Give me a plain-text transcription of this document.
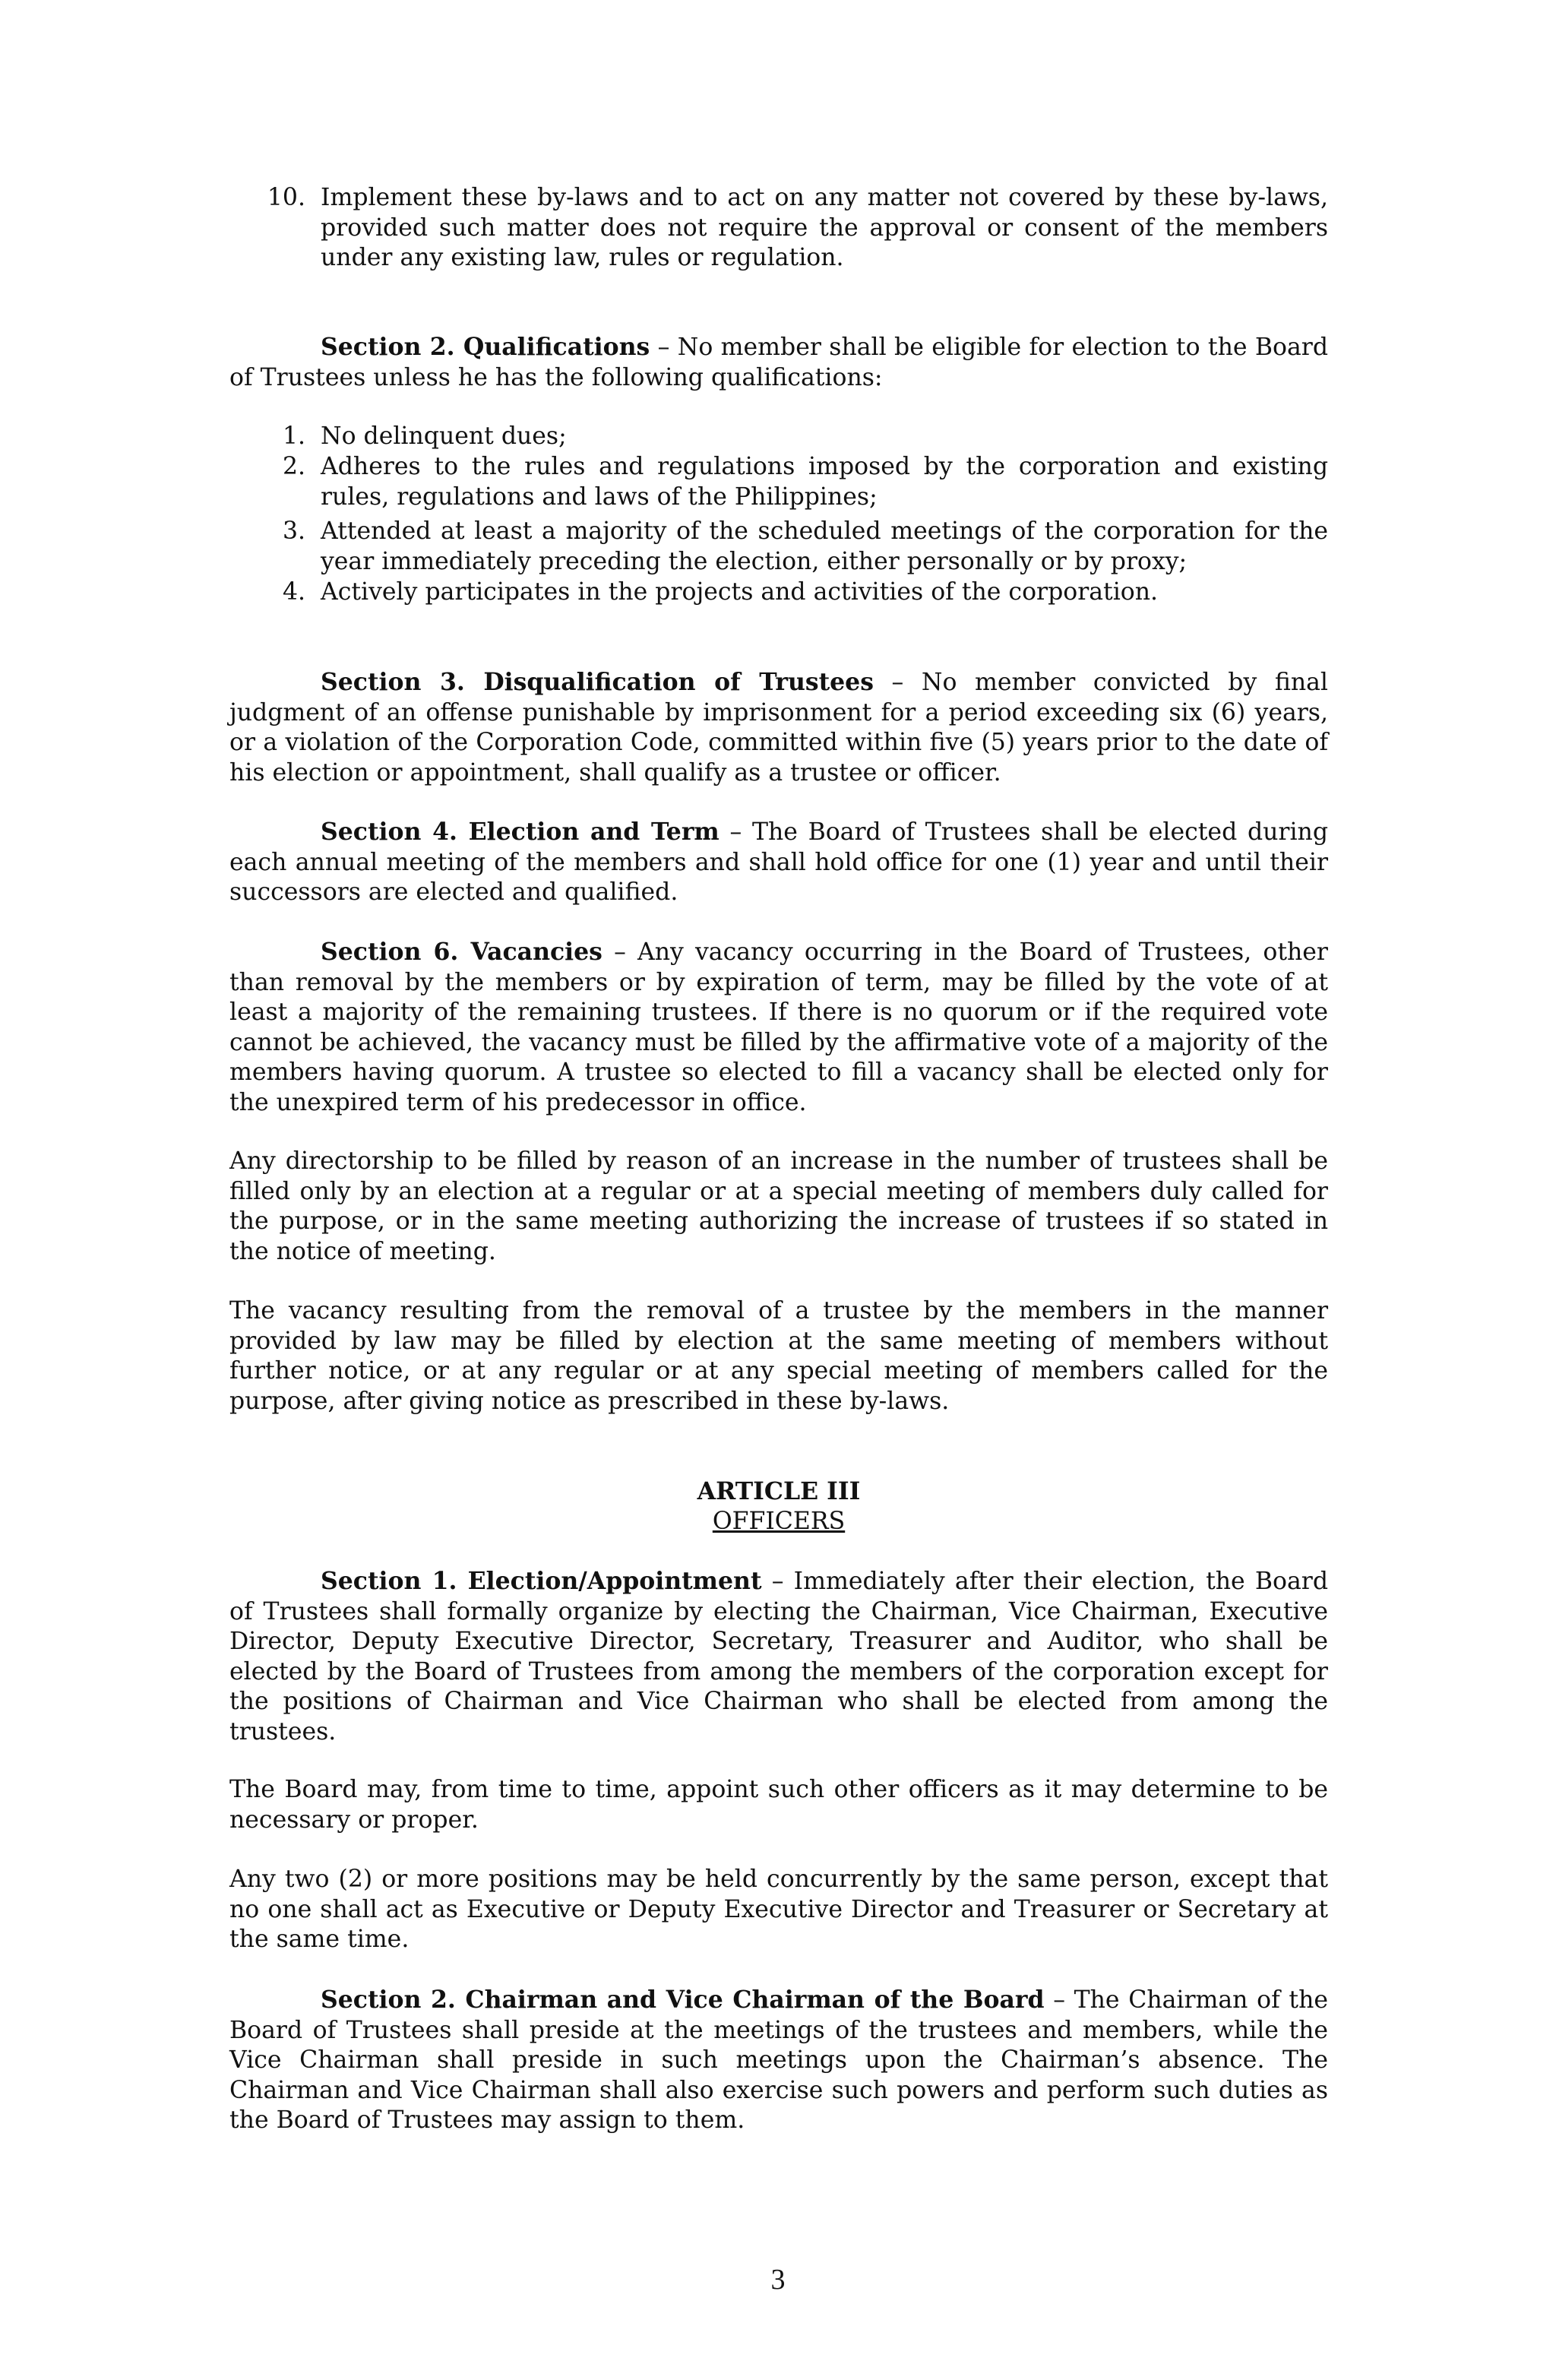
10. Implement these by-laws and to act on any matter not covered by these by-laws, provided such matter does not require the approval or consent of the members under any existing law, rules or regulation.

Section 2. Qualifications – No member shall be eligible for election to the Board of Trustees unless he has the following qualifications:

1. No delinquent dues;
2. Adheres to the rules and regulations imposed by the corporation and existing rules, regulations and laws of the Philippines;
3. Attended at least a majority of the scheduled meetings of the corporation for the year immediately preceding the election, either personally or by proxy;
4. Actively participates in the projects and activities of the corporation.

Section 3. Disqualification of Trustees – No member convicted by final judgment of an offense punishable by imprisonment for a period exceeding six (6) years, or a violation of the Corporation Code, committed within five (5) years prior to the date of his election or appointment, shall qualify as a trustee or officer.

Section 4. Election and Term – The Board of Trustees shall be elected during each annual meeting of the members and shall hold office for one (1) year and until their successors are elected and qualified.

Section 6. Vacancies – Any vacancy occurring in the Board of Trustees, other than removal by the members or by expiration of term, may be filled by the vote of at least a majority of the remaining trustees. If there is no quorum or if the required vote cannot be achieved, the vacancy must be filled by the affirmative vote of a majority of the members having quorum. A trustee so elected to fill a vacancy shall be elected only for the unexpired term of his predecessor in office.

Any directorship to be filled by reason of an increase in the number of trustees shall be filled only by an election at a regular or at a special meeting of members duly called for the purpose, or in the same meeting authorizing the increase of trustees if so stated in the notice of meeting.

The vacancy resulting from the removal of a trustee by the members in the manner provided by law may be filled by election at the same meeting of members without further notice, or at any regular or at any special meeting of members called for the purpose, after giving notice as prescribed in these by-laws.

ARTICLE III
OFFICERS

Section 1. Election/Appointment – Immediately after their election, the Board of Trustees shall formally organize by electing the Chairman, Vice Chairman, Executive Director, Deputy Executive Director, Secretary, Treasurer and Auditor, who shall be elected by the Board of Trustees from among the members of the corporation except for the positions of Chairman and Vice Chairman who shall be elected from among the trustees.

The Board may, from time to time, appoint such other officers as it may determine to be necessary or proper.

Any two (2) or more positions may be held concurrently by the same person, except that no one shall act as Executive or Deputy Executive Director and Treasurer or Secretary at the same time.

Section 2. Chairman and Vice Chairman of the Board – The Chairman of the Board of Trustees shall preside at the meetings of the trustees and members, while the Vice Chairman shall preside in such meetings upon the Chairman’s absence. The Chairman and Vice Chairman shall also exercise such powers and perform such duties as the Board of Trustees may assign to them.

3
